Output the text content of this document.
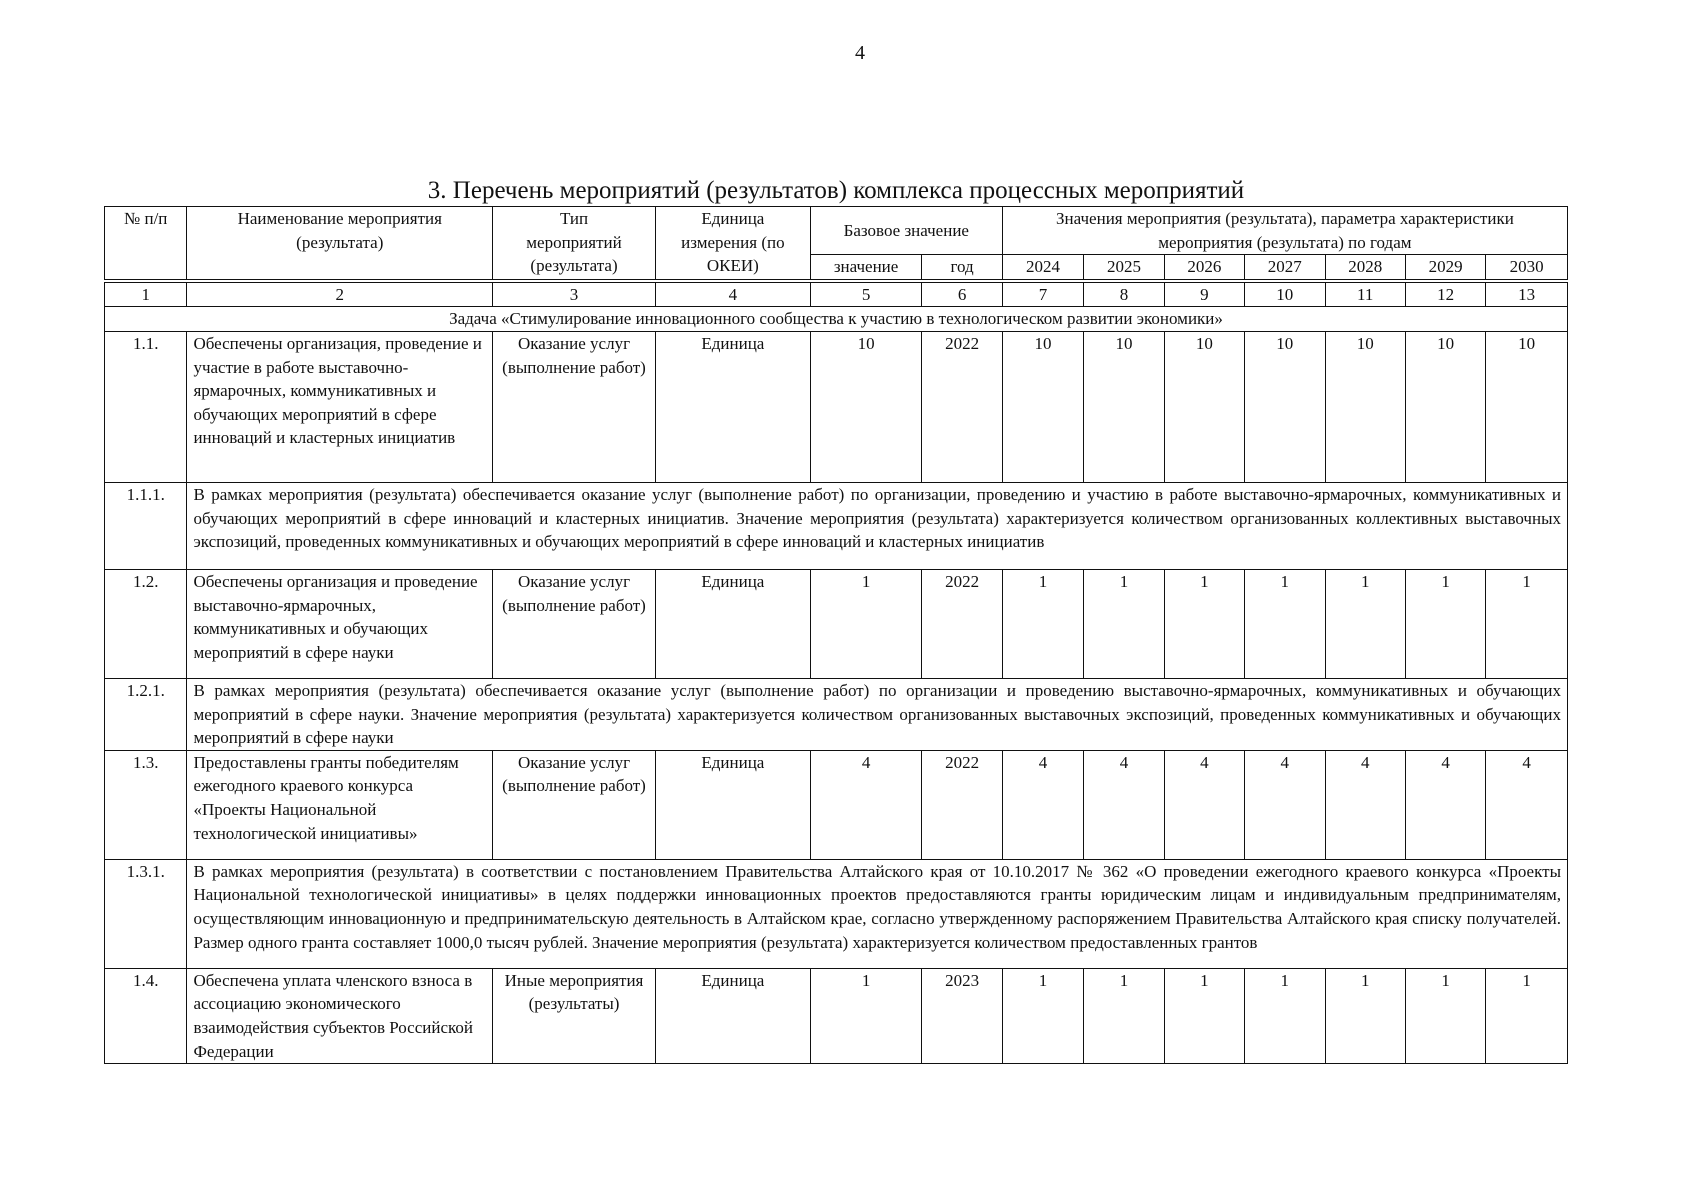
4
3. Перечень мероприятий (результатов) комплекса процессных мероприятий
№ п/п	Наименование мероприятия (результата)	Тип мероприятий (результата)	Единица измерения (по ОКЕИ)	Базовое значение		Значения мероприятия (результата), параметра характеристики мероприятия (результата) по годам						
				значение	год	2024	2025	2026	2027	2028	2029	2030

1	2	3	4	5	6	7	8	9	10	11	12	13
Задача «Стимулирование инновационного сообщества к участию в технологическом развитии экономики»												
1.1.	Обеспечены организация, проведение и участие в работе выставочно-ярмарочных, коммуникативных и обучающих мероприятий в сфере инноваций и кластерных инициатив	Оказание услуг (выполнение работ)	Единица	10	2022	10	10	10	10	10	10	10
1.1.1.	В рамках мероприятия (результата) обеспечивается оказание услуг (выполнение работ) по организации, проведению и участию в работе выставочно-ярмарочных, коммуникативных и обучающих мероприятий в сфере инноваций и кластерных инициатив. Значение мероприятия (результата) характеризуется количеством организованных коллективных выставочных экспозиций, проведенных коммуникативных и обучающих мероприятий в сфере инноваций и кластерных инициатив											
1.2.	Обеспечены организация и проведение выставочно-ярмарочных, коммуникативных и обучающих мероприятий в сфере науки	Оказание услуг (выполнение работ)	Единица	1	2022	1	1	1	1	1	1	1
1.2.1.	В рамках мероприятия (результата) обеспечивается оказание услуг (выполнение работ) по организации и проведению выставочно-ярмарочных, коммуникативных и обучающих мероприятий в сфере науки. Значение мероприятия (результата) характеризуется количеством организованных выставочных экспозиций, проведенных коммуникативных и обучающих мероприятий в сфере науки											
1.3.	Предоставлены гранты победителям ежегодного краевого конкурса «Проекты Национальной технологической инициативы»	Оказание услуг (выполнение работ)	Единица	4	2022	4	4	4	4	4	4	4
1.3.1.	В рамках мероприятия (результата) в соответствии с постановлением Правительства Алтайского края от 10.10.2017 № 362 «О проведении ежегодного краевого конкурса «Проекты Национальной технологической инициативы» в целях поддержки инновационных проектов предоставляются гранты юридическим лицам и индивидуальным предпринимателям, осуществляющим инновационную и предпринимательскую деятельность в Алтайском крае, согласно утвержденному распоряжением Правительства Алтайского края списку получателей. Размер одного гранта составляет 1000,0 тысяч рублей. Значение мероприятия (результата) характеризуется количеством предоставленных грантов											
1.4.	Обеспечена уплата членского взноса в ассоциацию экономического взаимодействия субъектов Российской Федерации	Иные мероприятия (результаты)	Единица	1	2023	1	1	1	1	1	1	1
